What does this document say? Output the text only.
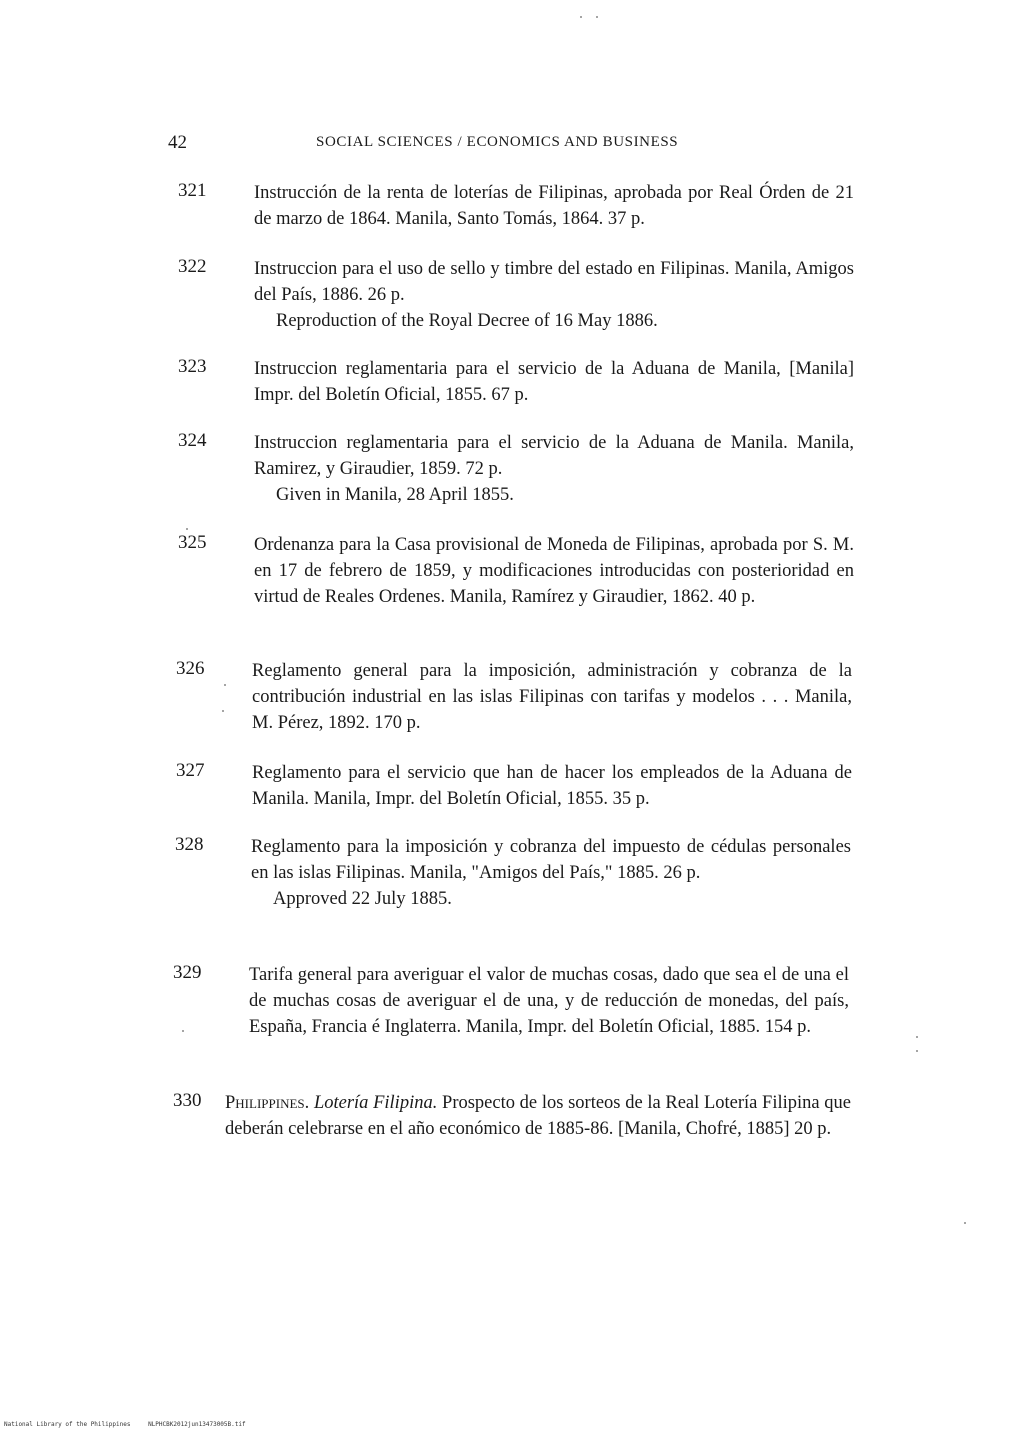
42	SOCIAL SCIENCES / ECONOMICS AND BUSINESS
321	Instrucción de la renta de loterías de Filipinas, aprobada por Real Órden de 21 de marzo de 1864. Manila, Santo Tomás, 1864. 37 p.

322	Instruccion para el uso de sello y timbre del estado en Filipinas. Manila, Amigos del País, 1886. 26 p.

Reproduction of the Royal Decree of 16 May 1886.

323	Instruccion reglamentaria para el servicio de la Aduana de Manila, [Manila] Impr. del Boletín Oficial, 1855. 67 p.

324	Instruccion reglamentaria para el servicio de la Aduana de Manila. Manila, Ramirez, y Giraudier, 1859. 72 p.

Given in Manila, 28 April 1855.

325	Ordenanza para la Casa provisional de Moneda de Filipinas, aprobada por S. M. en 17 de febrero de 1859, y modificaciones introducidas con posterioridad en virtud de Reales Ordenes. Manila, Ramírez y Giraudier, 1862. 40 p.

326	Reglamento general para la imposición, administración y cobranza de la contribución industrial en las islas Filipinas con tarifas y modelos . . . Manila, M. Pérez, 1892. 170 p.

327	Reglamento para el servicio que han de hacer los empleados de la Aduana de Manila. Manila, Impr. del Boletín Oficial, 1855. 35 p.

328	Reglamento para la imposición y cobranza del impuesto de cédulas personales en las islas Filipinas. Manila, "Amigos del País," 1885. 26 p.

Approved 22 July 1885.

329	Tarifa general para averiguar el valor de muchas cosas, dado que sea el de una el de muchas cosas de averiguar el de una, y de reducción de monedas, del país, España, Francia é Inglaterra. Manila, Impr. del Boletín Oficial, 1885. 154 p.

330	Philippines. Lotería Filipina. Prospecto de los sorteos de la Real Lotería Filipina que deberán celebrarse en el año económico de 1885-86. [Manila, Chofré, 1885] 20 p.

National Library of the Philippines	NLPHCBK2012jun13473005B.tif
